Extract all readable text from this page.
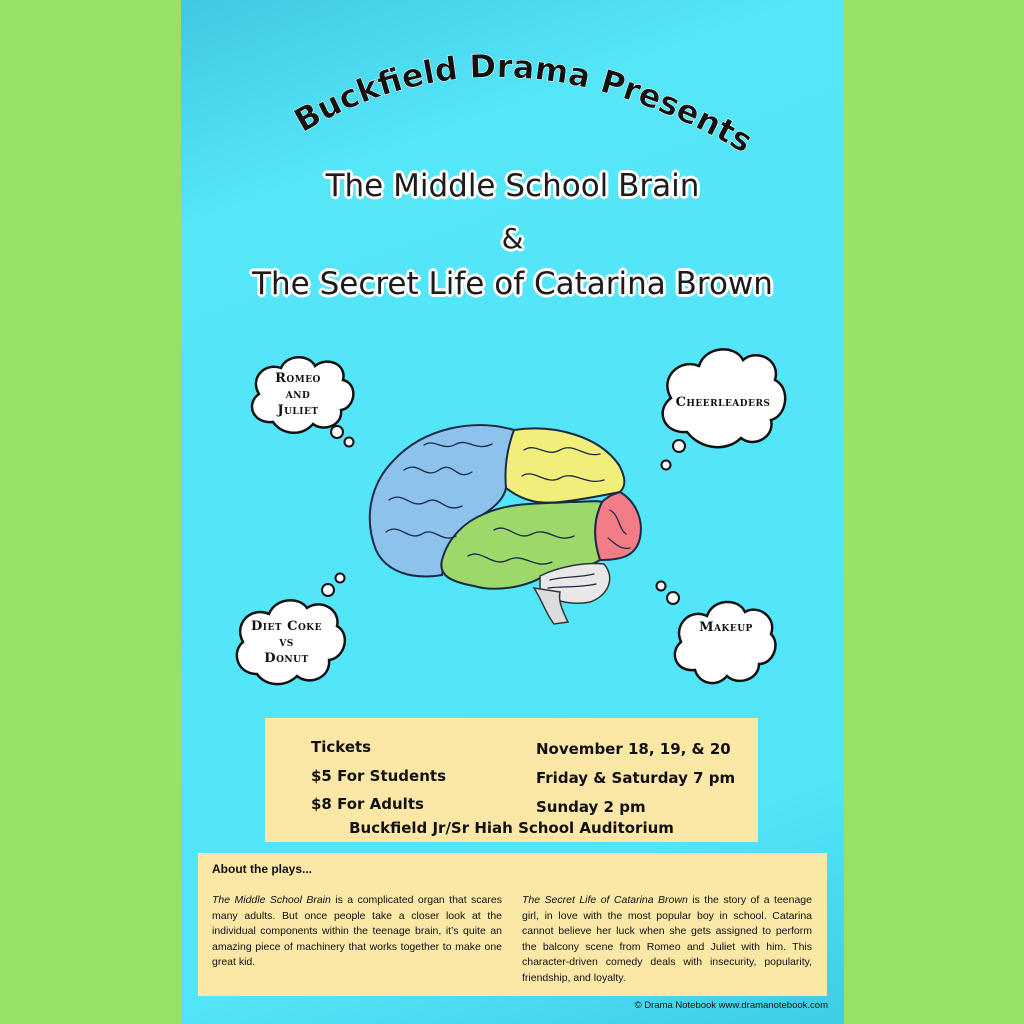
Buckfield Drama Presents
The Middle School Brain
&
The Secret Life of Catarina Brown
Romeo
and
Juliet
Cheerleaders
Diet Coke
vs
Donut
Makeup
Tickets
$5 For Students
$8 For Adults
November 18, 19, & 20
Friday & Saturday 7 pm
Sunday 2 pm
Buckfield Jr/Sr Hiah School Auditorium
About the plays...
The Middle School Brain is a complicated organ that scares many adults. But once people take a closer look at the individual components within the teenage brain, it’s quite an amazing piece of machinery that works together to make one great kid.
The Secret Life of Catarina Brown is the story of a teenage girl, in love with the most popular boy in school. Catarina cannot believe her luck when she gets assigned to perform the balcony scene from Romeo and Juliet with him. This character-driven comedy deals with insecurity, popularity, friendship, and loyalty.
© Drama Notebook www.dramanotebook.com
